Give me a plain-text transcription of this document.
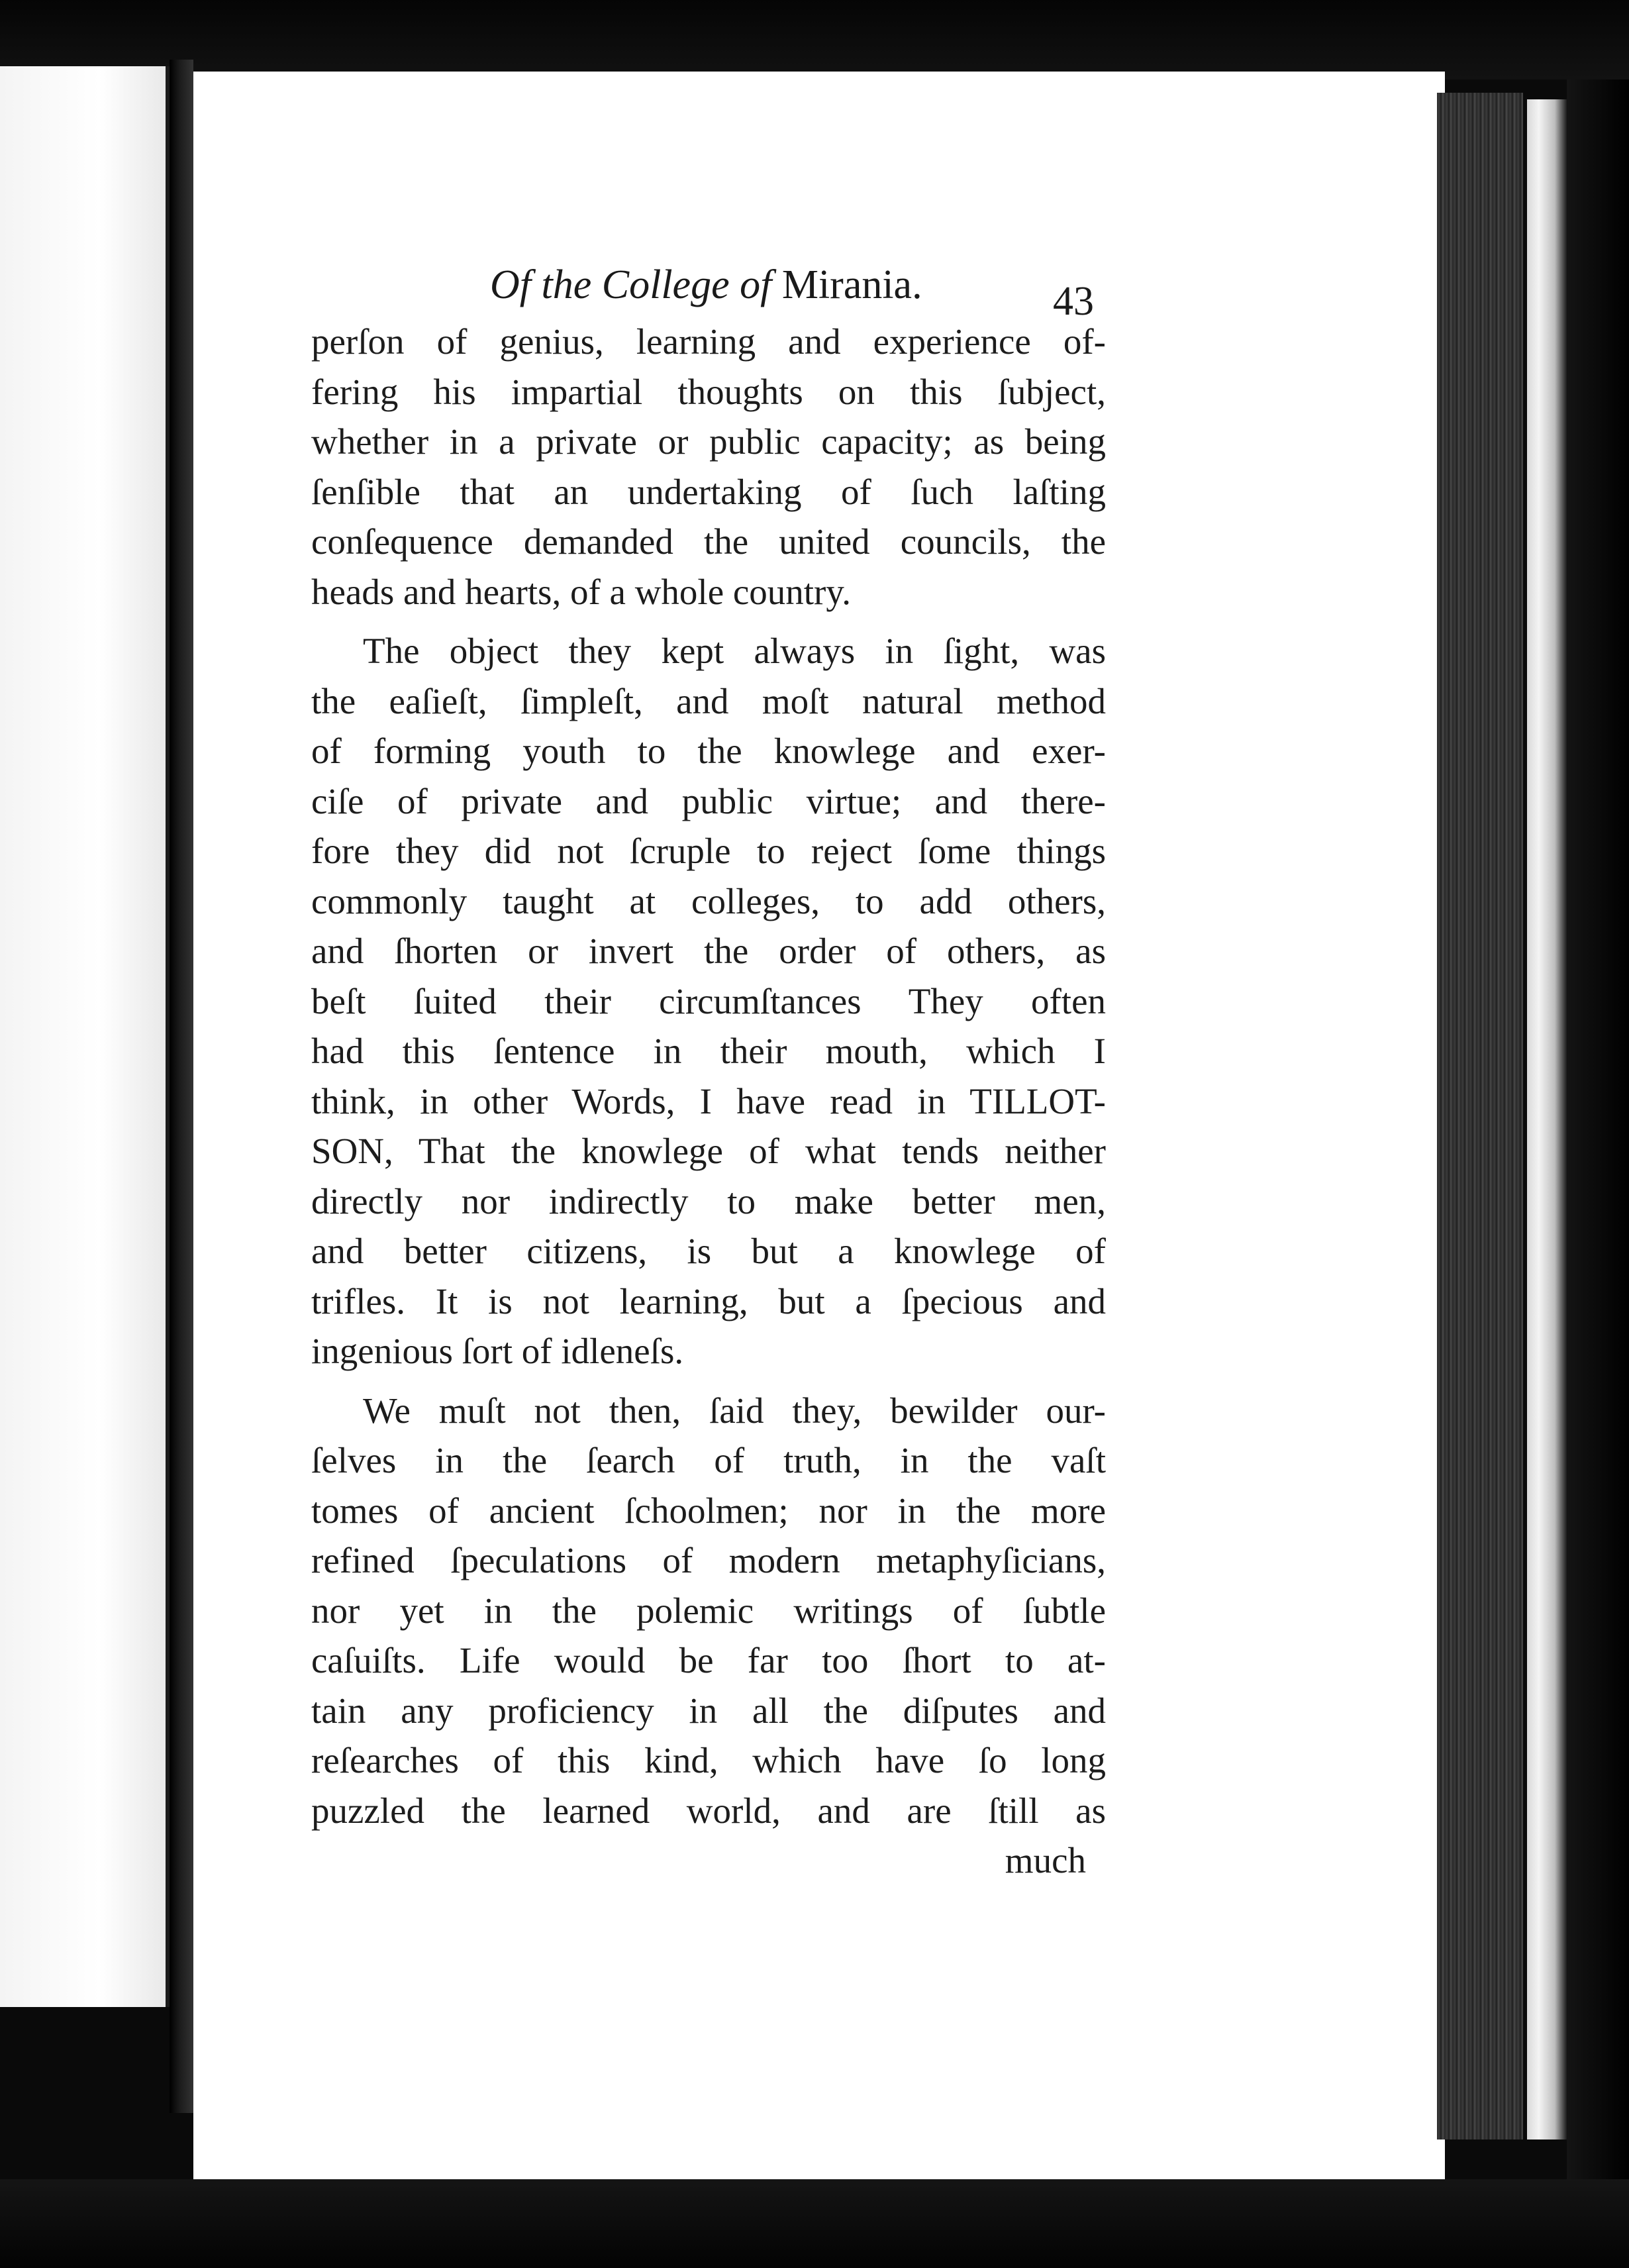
Of the College of Mirania.	43
perſon of genius, learning and experience of-
fering his impartial thoughts on this ſubject,
whether in a private or public capacity; as being
ſenſible that an undertaking of ſuch laſting
conſequence demanded the united councils, the
heads and hearts, of a whole country.
The object they kept always in ſight, was
the eaſieſt, ſimpleſt, and moſt natural method
of forming youth to the knowlege and exer-
ciſe of private and public virtue; and there-
fore they did not ſcruple to reject ſome things
commonly taught at colleges, to add others,
and ſhorten or invert the order of others, as
beſt ſuited their circumſtances They often
had this ſentence in their mouth, which I
think, in other Words, I have read in TILLOT-
SON, That the knowlege of what tends neither
directly nor indirectly to make better men,
and better citizens, is but a knowlege of
trifles. It is not learning, but a ſpecious and
ingenious ſort of idleneſs.
We muſt not then, ſaid they, bewilder our-
ſelves in the ſearch of truth, in the vaſt
tomes of ancient ſchoolmen; nor in the more
refined ſpeculations of modern metaphyſicians,
nor yet in the polemic writings of ſubtle
caſuiſts. Life would be far too ſhort to at-
tain any proficiency in all the diſputes and
reſearches of this kind, which have ſo long
puzzled the learned world, and are ſtill as
much
